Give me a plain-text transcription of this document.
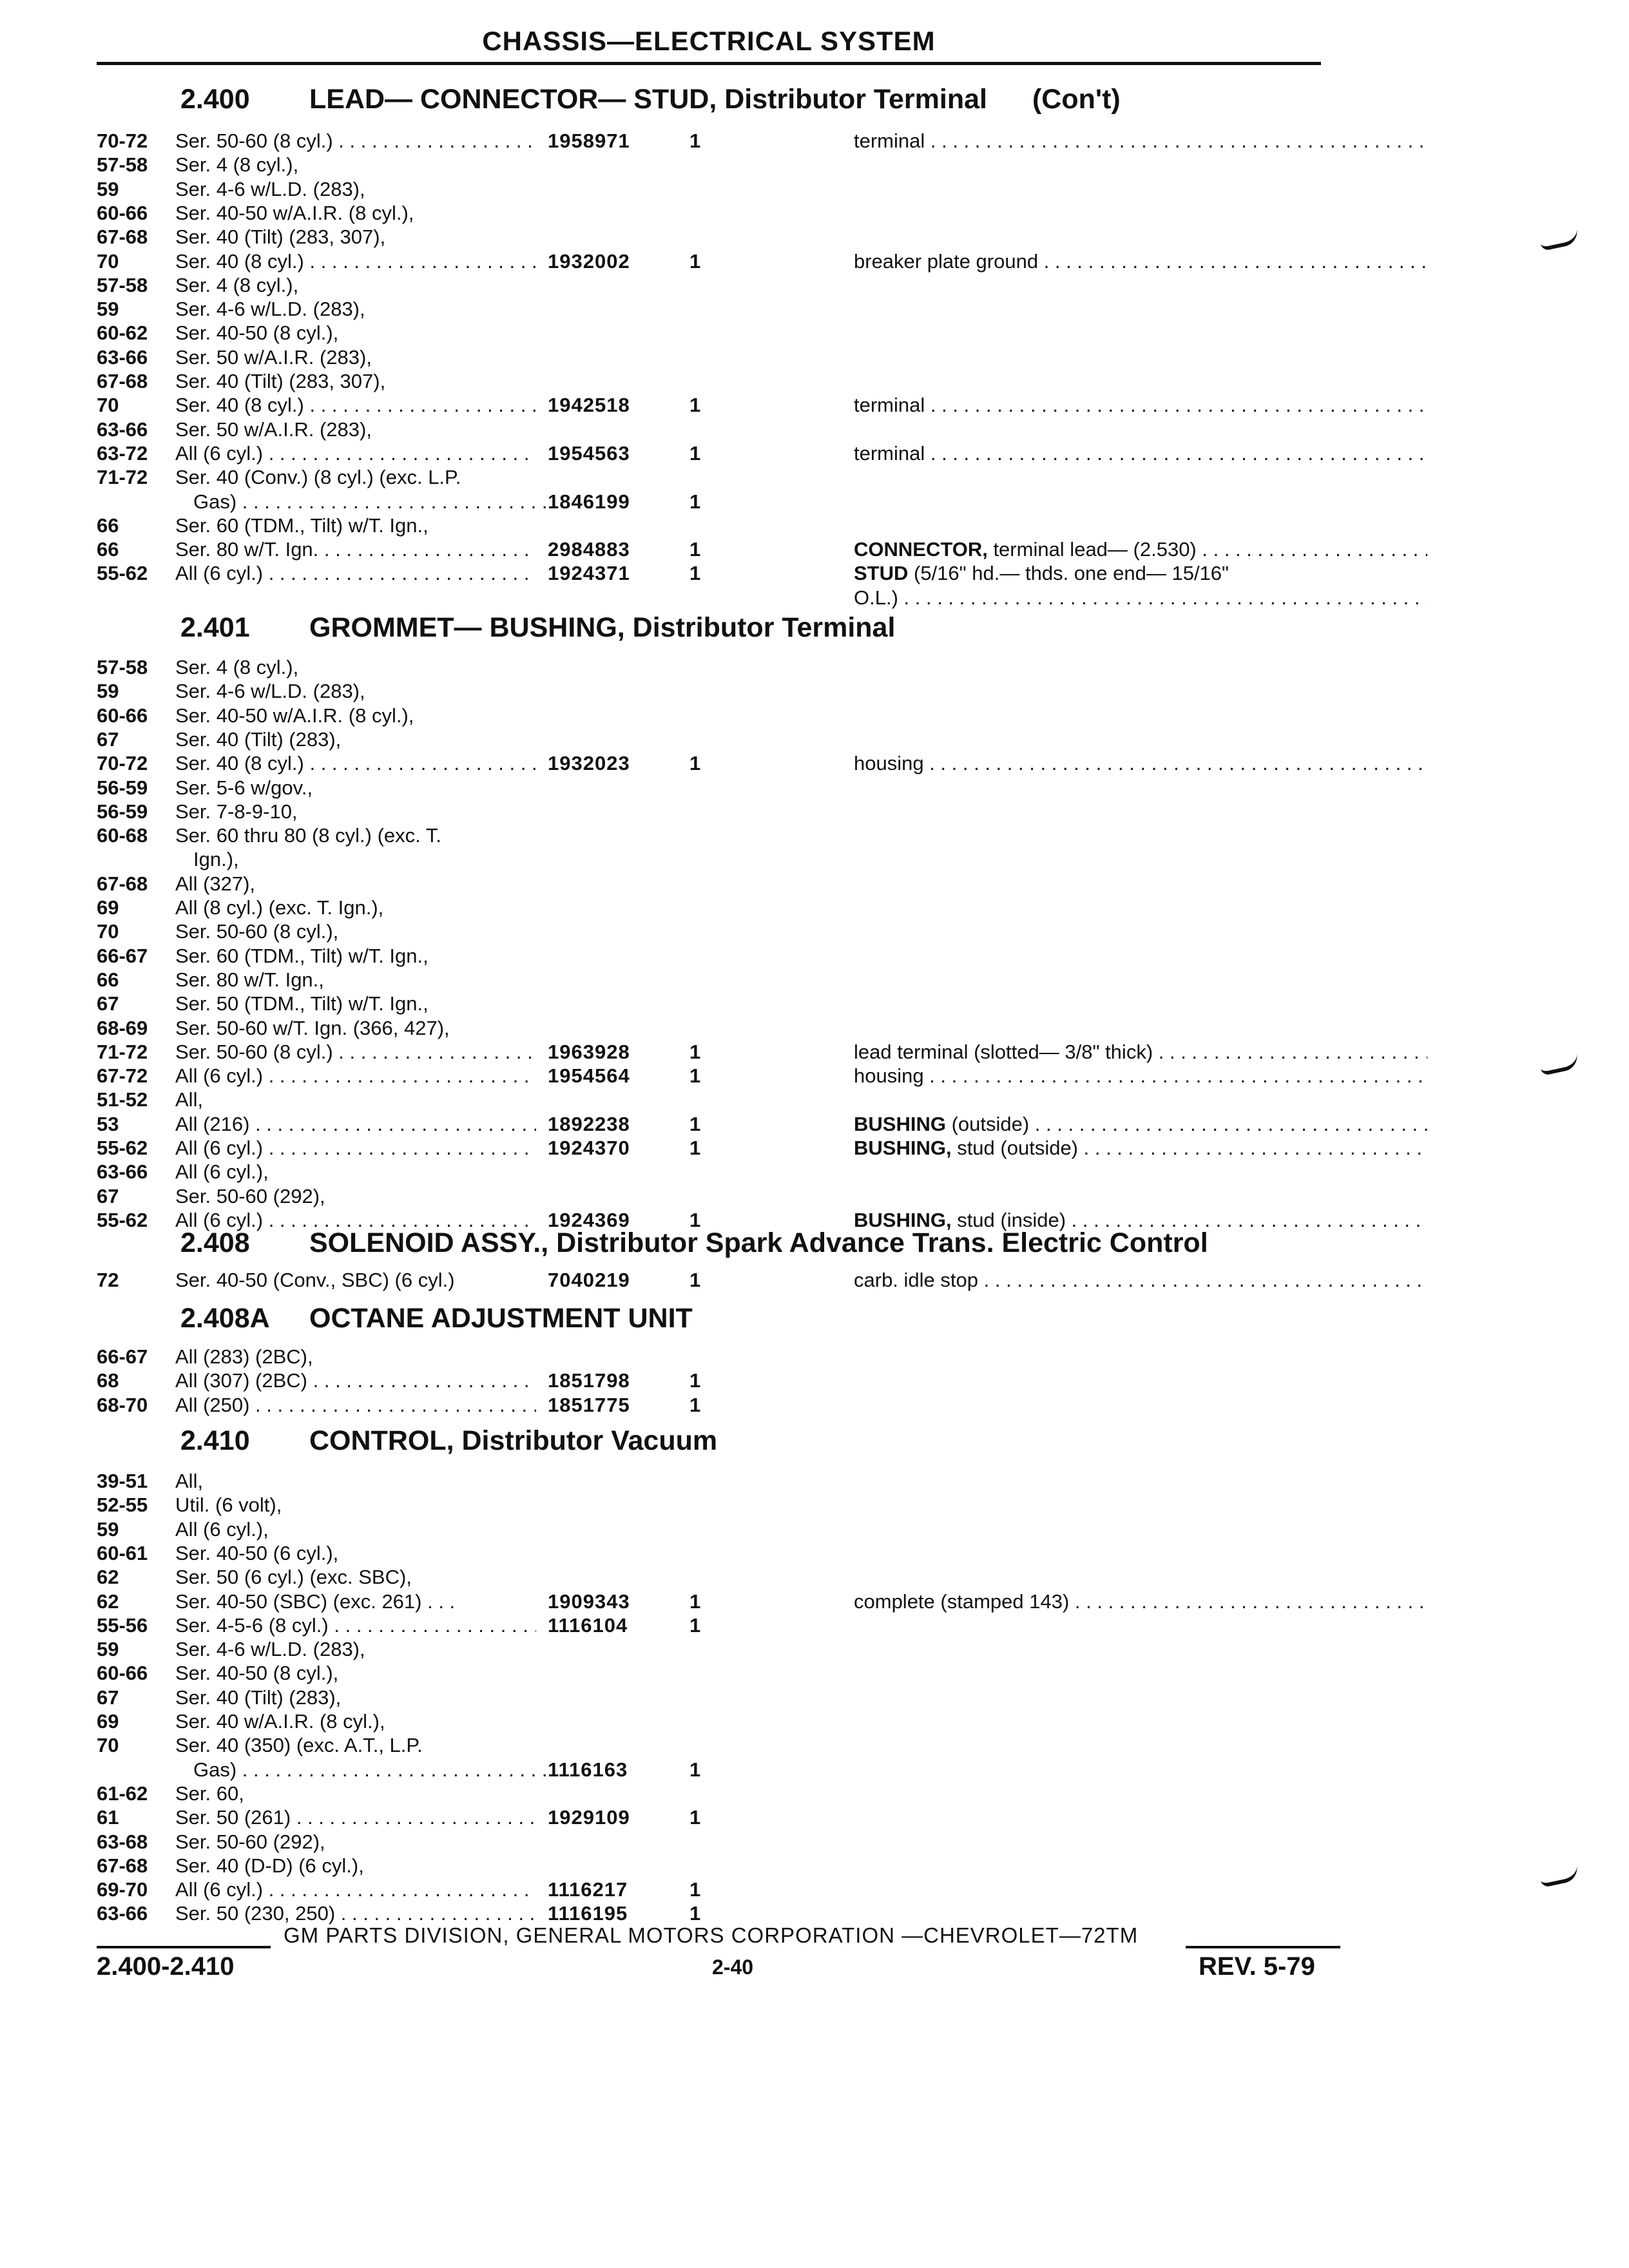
CHASSIS—ELECTRICAL SYSTEM
2.400 LEAD— CONNECTOR— STUD, Distributor Terminal (Con't)
70-72	Ser. 50-60 (8 cyl.) . . .	1958971	1	terminal . . .
57-58	Ser. 4 (8 cyl.),
59	Ser. 4-6 w/L.D. (283),
60-66	Ser. 40-50 w/A.I.R. (8 cyl.),
67-68	Ser. 40 (Tilt) (283, 307),
70	Ser. 40 (8 cyl.) . . .	1932002	1	breaker plate ground . . .
57-58	Ser. 4 (8 cyl.),
59	Ser. 4-6 w/L.D. (283),
60-62	Ser. 40-50 (8 cyl.),
63-66	Ser. 50 w/A.I.R. (283),
67-68	Ser. 40 (Tilt) (283, 307),
70	Ser. 40 (8 cyl.) . . .	1942518	1	terminal . . .
63-66	Ser. 50 w/A.I.R. (283),
63-72	All (6 cyl.) . . .	1954563	1	terminal . . .
71-72	Ser. 40 (Conv.) (8 cyl.) (exc. L.P.
Gas) . . .	1846199	1
66	Ser. 60 (TDM., Tilt) w/T. Ign.,
66	Ser. 80 w/T. Ign. . . .	2984883	1	CONNECTOR, terminal lead— (2.530) . . .
55-62	All (6 cyl.) . . .	1924371	1	STUD (5/16" hd.— thds. one end— 15/16"
O.L.) . . .
2.401 GROMMET— BUSHING, Distributor Terminal
57-58	Ser. 4 (8 cyl.),
59	Ser. 4-6 w/L.D. (283),
60-66	Ser. 40-50 w/A.I.R. (8 cyl.),
67	Ser. 40 (Tilt) (283),
70-72	Ser. 40 (8 cyl.) . . .	1932023	1	housing . . .
56-59	Ser. 5-6 w/gov.,
56-59	Ser. 7-8-9-10,
60-68	Ser. 60 thru 80 (8 cyl.) (exc. T.
Ign.),
67-68	All (327),
69	All (8 cyl.) (exc. T. Ign.),
70	Ser. 50-60 (8 cyl.),
66-67	Ser. 60 (TDM., Tilt) w/T. Ign.,
66	Ser. 80 w/T. Ign.,
67	Ser. 50 (TDM., Tilt) w/T. Ign.,
68-69	Ser. 50-60 w/T. Ign. (366, 427),
71-72	Ser. 50-60 (8 cyl.) . . .	1963928	1	lead terminal (slotted— 3/8" thick) . . .
67-72	All (6 cyl.) . . .	1954564	1	housing . . .
51-52	All,
53	All (216) . . .	1892238	1	BUSHING (outside) . . .
55-62	All (6 cyl.) . . .	1924370	1	BUSHING, stud (outside) . . .
63-66	All (6 cyl.),
67	Ser. 50-60 (292),
55-62	All (6 cyl.) . . .	1924369	1	BUSHING, stud (inside) . . .
2.408 SOLENOID ASSY., Distributor Spark Advance Trans. Electric Control
72	Ser. 40-50 (Conv., SBC) (6 cyl.)	7040219	1	carb. idle stop . . .
2.408A OCTANE ADJUSTMENT UNIT
66-67	All (283) (2BC),
68	All (307) (2BC) . . .	1851798	1
68-70	All (250) . . .	1851775	1
2.410 CONTROL, Distributor Vacuum
39-51	All,
52-55	Util. (6 volt),
59	All (6 cyl.),
60-61	Ser. 40-50 (6 cyl.),
62	Ser. 50 (6 cyl.) (exc. SBC),
62	Ser. 40-50 (SBC) (exc. 261) . . .	1909343	1	complete (stamped 143) . . .
55-56	Ser. 4-5-6 (8 cyl.) . . .	1116104	1
59	Ser. 4-6 w/L.D. (283),
60-66	Ser. 40-50 (8 cyl.),
67	Ser. 40 (Tilt) (283),
69	Ser. 40 w/A.I.R. (8 cyl.),
70	Ser. 40 (350) (exc. A.T., L.P.
Gas) . . .	1116163	1
61-62	Ser. 60,
61	Ser. 50 (261) . . .	1929109	1
63-68	Ser. 50-60 (292),
67-68	Ser. 40 (D-D) (6 cyl.),
69-70	All (6 cyl.) . . .	1116217	1
63-66	Ser. 50 (230, 250) . . .	1116195	1
GM PARTS DIVISION, GENERAL MOTORS CORPORATION —CHEVROLET—72TM
2.400-2.410	2-40	REV. 5-79
